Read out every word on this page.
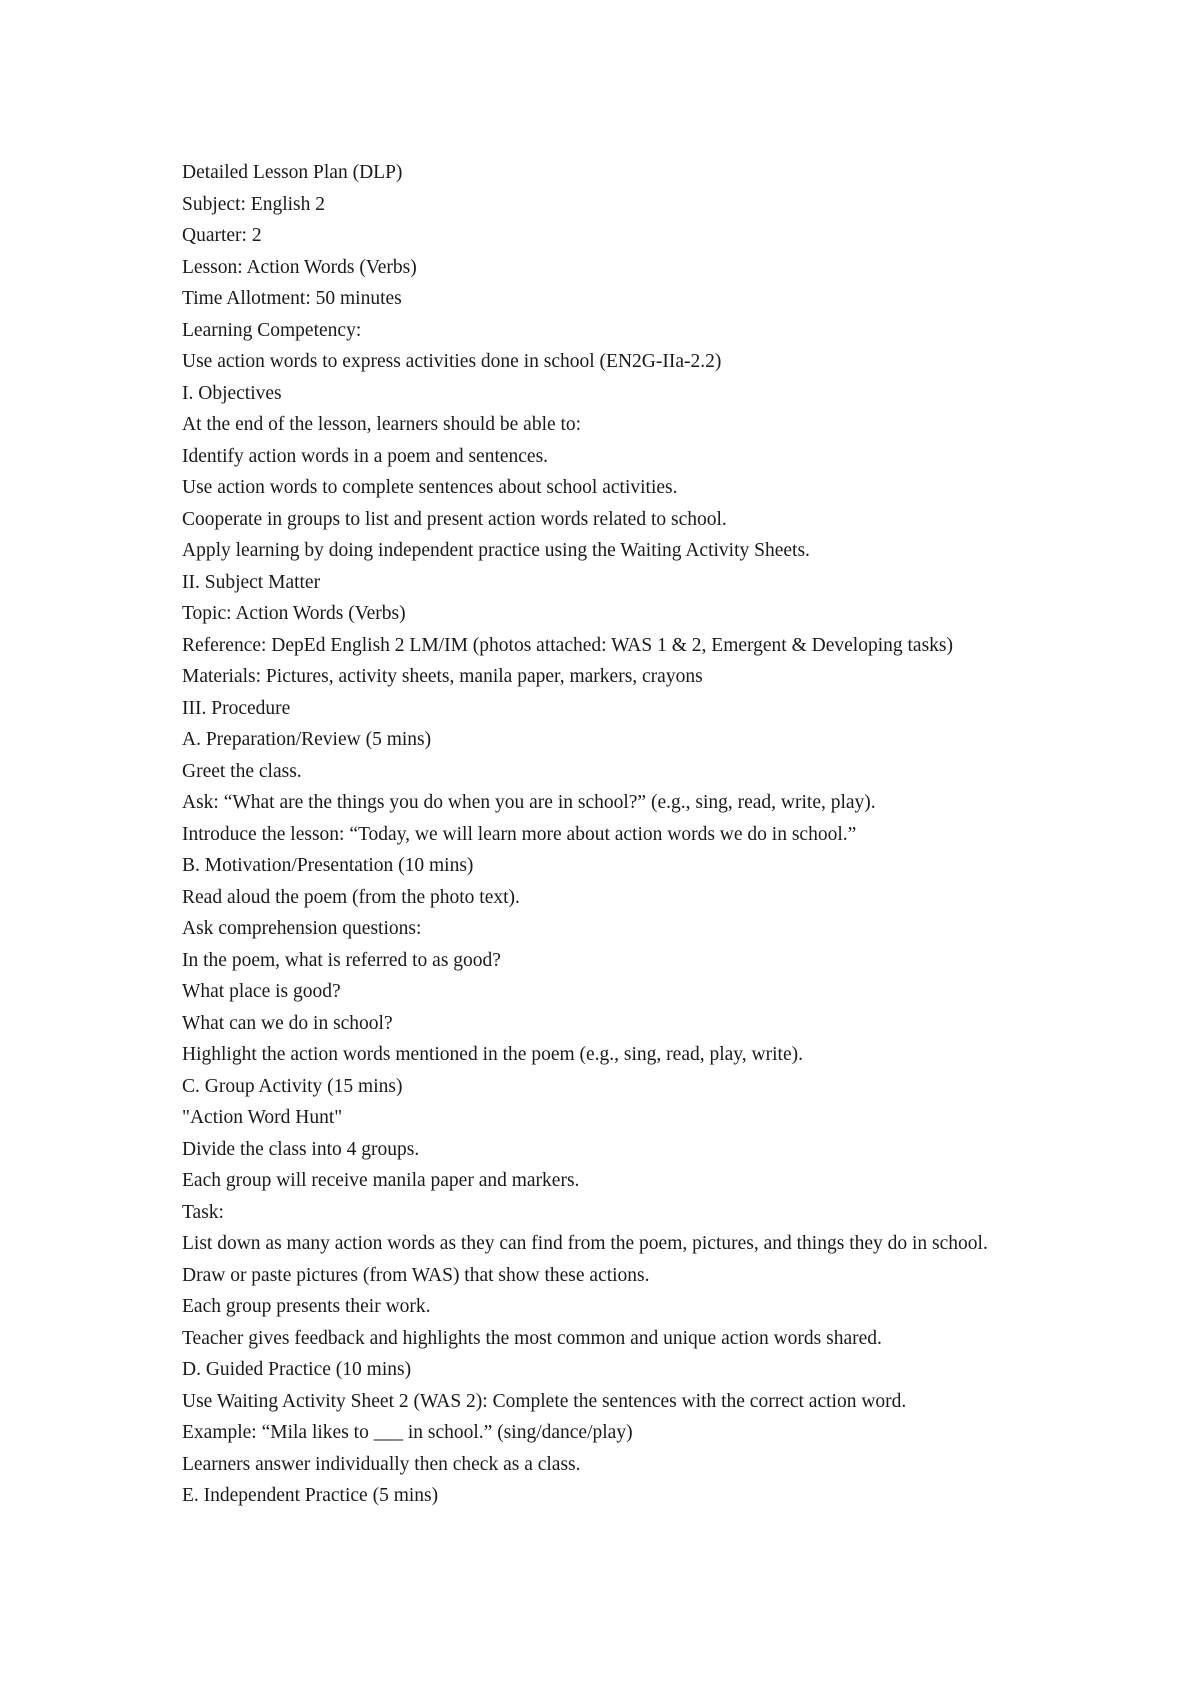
Detailed Lesson Plan (DLP)
Subject: English 2
Quarter: 2
Lesson: Action Words (Verbs)
Time Allotment: 50 minutes
Learning Competency:
Use action words to express activities done in school (EN2G-IIa-2.2)
I. Objectives
At the end of the lesson, learners should be able to:
Identify action words in a poem and sentences.
Use action words to complete sentences about school activities.
Cooperate in groups to list and present action words related to school.
Apply learning by doing independent practice using the Waiting Activity Sheets.
II. Subject Matter
Topic: Action Words (Verbs)
Reference: DepEd English 2 LM/IM (photos attached: WAS 1 & 2, Emergent & Developing tasks)
Materials: Pictures, activity sheets, manila paper, markers, crayons
III. Procedure
A. Preparation/Review (5 mins)
Greet the class.
Ask: “What are the things you do when you are in school?” (e.g., sing, read, write, play).
Introduce the lesson: “Today, we will learn more about action words we do in school.”
B. Motivation/Presentation (10 mins)
Read aloud the poem (from the photo text).
Ask comprehension questions:
In the poem, what is referred to as good?
What place is good?
What can we do in school?
Highlight the action words mentioned in the poem (e.g., sing, read, play, write).
C. Group Activity (15 mins)
"Action Word Hunt"
Divide the class into 4 groups.
Each group will receive manila paper and markers.
Task:
List down as many action words as they can find from the poem, pictures, and things they do in school.
Draw or paste pictures (from WAS) that show these actions.
Each group presents their work.
Teacher gives feedback and highlights the most common and unique action words shared.
D. Guided Practice (10 mins)
Use Waiting Activity Sheet 2 (WAS 2): Complete the sentences with the correct action word.
Example: “Mila likes to ___ in school.” (sing/dance/play)
Learners answer individually then check as a class.
E. Independent Practice (5 mins)
